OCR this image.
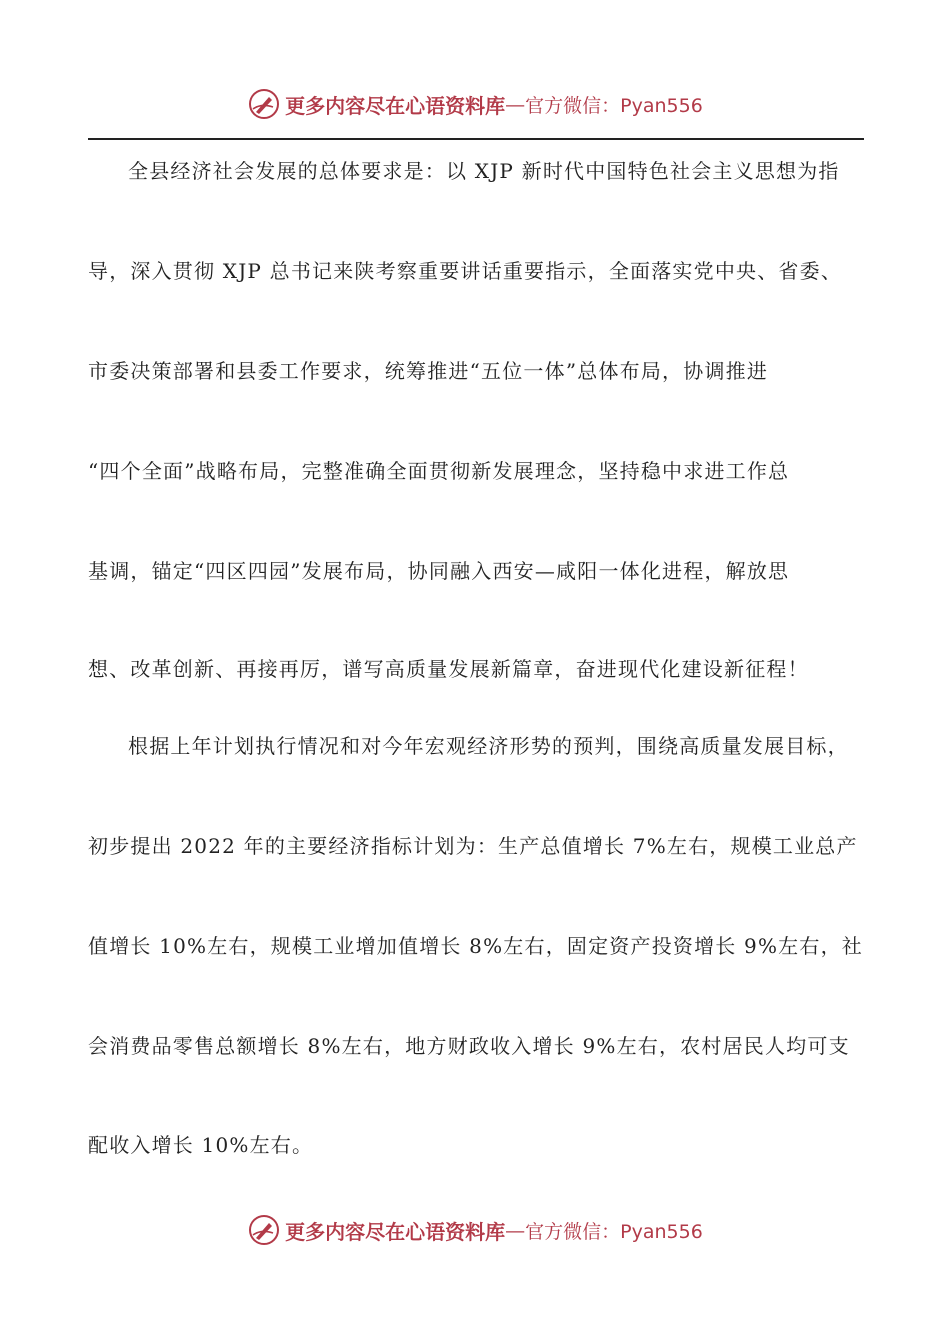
更多内容尽在心语资料库 — 官方微信：Pyan556
全县经济社会发展的总体要求是：以 XJP 新时代中国特色社会主义思想为指
导，深入贯彻 XJP 总书记来陕考察重要讲话重要指示，全面落实党中央、省委、
市委决策部署和县委工作要求，统筹推进“五位一体”总体布局，协调推进
“四个全面”战略布局，完整准确全面贯彻新发展理念，坚持稳中求进工作总
基调，锚定“四区四园”发展布局，协同融入西安—咸阳一体化进程，解放思
想、改革创新、再接再厉，谱写高质量发展新篇章，奋进现代化建设新征程！
根据上年计划执行情况和对今年宏观经济形势的预判，围绕高质量发展目标，
初步提出 2022 年的主要经济指标计划为：生产总值增长 7%左右，规模工业总产
值增长 10%左右，规模工业增加值增长 8%左右，固定资产投资增长 9%左右，社
会消费品零售总额增长 8%左右，地方财政收入增长 9%左右，农村居民人均可支
配收入增长 10%左右。
更多内容尽在心语资料库 — 官方微信：Pyan556
